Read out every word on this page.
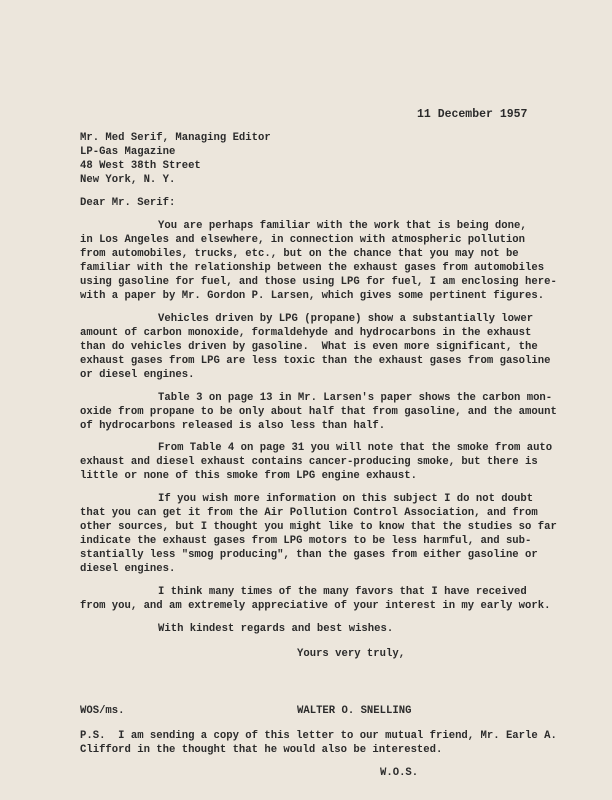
11 December 1957
Mr. Med Serif, Managing Editor
LP-Gas Magazine
48 West 38th Street
New York, N. Y.
Dear Mr. Serif:
You are perhaps familiar with the work that is being done,
in Los Angeles and elsewhere, in connection with atmospheric pollution
from automobiles, trucks, etc., but on the chance that you may not be
familiar with the relationship between the exhaust gases from automobiles
using gasoline for fuel, and those using LPG for fuel, I am enclosing here-
with a paper by Mr. Gordon P. Larsen, which gives some pertinent figures.
Vehicles driven by LPG (propane) show a substantially lower
amount of carbon monoxide, formaldehyde and hydrocarbons in the exhaust
than do vehicles driven by gasoline.  What is even more significant, the
exhaust gases from LPG are less toxic than the exhaust gases from gasoline
or diesel engines.
Table 3 on page 13 in Mr. Larsen's paper shows the carbon mon-
oxide from propane to be only about half that from gasoline, and the amount
of hydrocarbons released is also less than half.
From Table 4 on page 31 you will note that the smoke from auto
exhaust and diesel exhaust contains cancer-producing smoke, but there is
little or none of this smoke from LPG engine exhaust.
If you wish more information on this subject I do not doubt
that you can get it from the Air Pollution Control Association, and from
other sources, but I thought you might like to know that the studies so far
indicate the exhaust gases from LPG motors to be less harmful, and sub-
stantially less "smog producing", than the gases from either gasoline or
diesel engines.
I think many times of the many favors that I have received
from you, and am extremely appreciative of your interest in my early work.
With kindest regards and best wishes.
Yours very truly,
WOS/ms.	WALTER O. SNELLING
P.S.  I am sending a copy of this letter to our mutual friend, Mr. Earle A.
Clifford in the thought that he would also be interested.
W.O.S.
